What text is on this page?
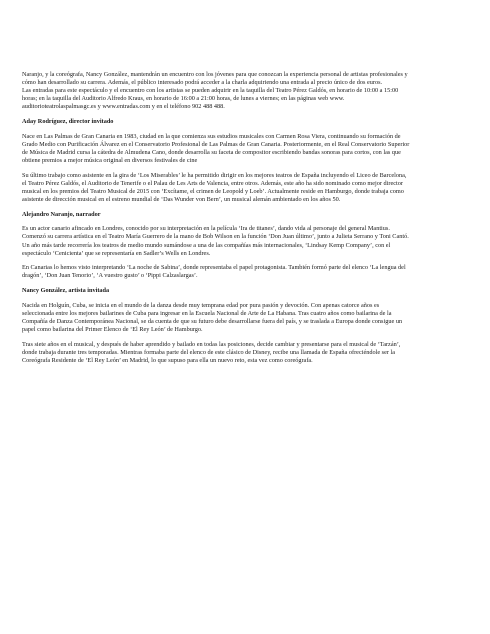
Naranjo, y la coreógrafa, Nancy González, mantendrán un encuentro con los jóvenes para que conozcan la experiencia personal de artistas profesionales y
cómo han desarrollado su carrera. Además, el público interesado podrá acceder a la charla adquiriendo una entrada al precio único de dos euros.
Las entradas para este espectáculo y el encuentro con los artistas se pueden adquirir en la taquilla del Teatro Pérez Galdós, en horario de 10:00 a 15:00
horas; en la taquilla del Auditorio Alfredo Kraus, en horario de 16:00 a 21:00 horas, de lunes a viernes; en las páginas web www.
auditorioteatrolaspalmasgc.es y www.entradas.com y en el teléfono 902 488 488.
Aday Rodríguez, director invitado
Nace en Las Palmas de Gran Canaria en 1983, ciudad en la que comienza sus estudios musicales con Carmen Rosa Viera, continuando su formación de
Grado Medio con Purificación Álvarez en el Conservatorio Profesional de Las Palmas de Gran Canaria. Posteriormente, en el Real Conservatorio Superior
de Música de Madrid cursa la cátedra de Almudena Cano, donde desarrolla su faceta de compositor escribiendo bandas sonoras para cortos, con las que
obtiene premios a mejor música original en diversos festivales de cine
Su último trabajo como asistente en la gira de ‘Los Miserables’ le ha permitido dirigir en los mejores teatros de España incluyendo el Liceo de Barcelona,
el Teatro Pérez Galdós, el Auditorio de Tenerife o el Palau de Les Arts de Valencia, entre otros. Además, este año ha sido nominado como mejor director
musical en los premios del Teatro Musical de 2015 con ‘Excítame, el crimen de Leopold y Loeb’. Actualmente reside en Hamburgo, donde trabaja como
asistente de dirección musical en el estreno mundial de ‘Das Wunder von Bern’, un musical alemán ambientado en los años 50.
Alejandro Naranjo, narrador
Es un actor canario afincado en Londres, conocido por su interpretación en la película ‘Ira de titanes’, dando vida al personaje del general Mantius.
Comenzó su carrera artística en el Teatro María Guerrero de la mano de Bob Wilson en la función ‘Don Juan último’, junto a Julieta Serrano y Toni Cantó.
Un año más tarde recorrería los teatros de medio mundo sumándose a una de las compañías más internacionales, ‘Lindsay Kemp Company’, con el
espectáculo ‘Cenicienta’ que se representaría en Sadler’s Wells en Londres.
En Canarias lo hemos visto interpretando ‘La noche de Sabina’, donde representaba el papel protagonista. También formó parte del elenco ‘La lengua del
dragón’, ‘Don Juan Tenorio’, ‘A vuestro gusto’ o ‘Pippi Calzaslargas’.
Nancy González, artista invitada
Nacida en Holguín, Cuba, se inicia en el mundo de la danza desde muy temprana edad por pura pasión y devoción. Con apenas catorce años es
seleccionada entre los mejores bailarines de Cuba para ingresar en la Escuela Nacional de Arte de La Habana. Tras cuatro años como bailarina de la
Compañía de Danza Contemporánea Nacional, se da cuenta de que su futuro debe desarrollarse fuera del país, y se traslada a Europa donde consigue un
papel como bailarina del Primer Elenco de ‘El Rey León’ de Hamburgo.
Tras siete años en el musical, y después de haber aprendido y bailado en todas las posiciones, decide cambiar y presentarse para el musical de ‘Tarzán’,
donde trabaja durante tres temporadas. Mientras formaba parte del elenco de este clásico de Disney, recibe una llamada de España ofreciéndole ser la
Coreógrafa Residente de ‘El Rey León’ en Madrid, lo que supuso para ella un nuevo reto, esta vez como coreógrafa.
